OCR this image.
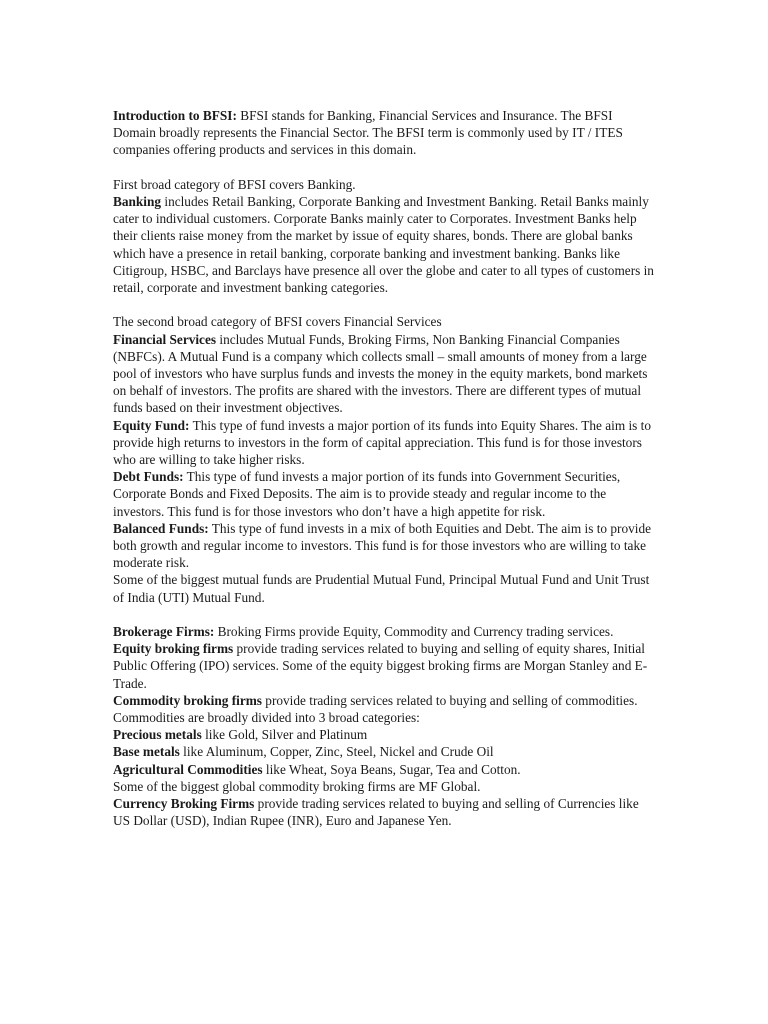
Introduction to BFSI: BFSI stands for Banking, Financial Services and Insurance. The BFSI Domain broadly represents the Financial Sector. The BFSI term is commonly used by IT / ITES companies offering products and services in this domain.

First broad category of BFSI covers Banking.

Banking includes Retail Banking, Corporate Banking and Investment Banking. Retail Banks mainly cater to individual customers. Corporate Banks mainly cater to Corporates. Investment Banks help their clients raise money from the market by issue of equity shares, bonds. There are global banks which have a presence in retail banking, corporate banking and investment banking. Banks like Citigroup, HSBC, and Barclays have presence all over the globe and cater to all types of customers in retail, corporate and investment banking categories.

The second broad category of BFSI covers Financial Services

Financial Services includes Mutual Funds, Broking Firms, Non Banking Financial Companies (NBFCs). A Mutual Fund is a company which collects small – small amounts of money from a large pool of investors who have surplus funds and invests the money in the equity markets, bond markets on behalf of investors. The profits are shared with the investors. There are different types of mutual funds based on their investment objectives.

Equity Fund: This type of fund invests a major portion of its funds into Equity Shares. The aim is to provide high returns to investors in the form of capital appreciation. This fund is for those investors who are willing to take higher risks.

Debt Funds: This type of fund invests a major portion of its funds into Government Securities, Corporate Bonds and Fixed Deposits. The aim is to provide steady and regular income to the investors. This fund is for those investors who don’t have a high appetite for risk.

Balanced Funds: This type of fund invests in a mix of both Equities and Debt. The aim is to provide both growth and regular income to investors. This fund is for those investors who are willing to take moderate risk.

Some of the biggest mutual funds are Prudential Mutual Fund, Principal Mutual Fund and Unit Trust of India (UTI) Mutual Fund.

Brokerage Firms: Broking Firms provide Equity, Commodity and Currency trading services.

Equity broking firms provide trading services related to buying and selling of equity shares, Initial Public Offering (IPO) services. Some of the equity biggest broking firms are Morgan Stanley and E-Trade.

Commodity broking firms provide trading services related to buying and selling of commodities. Commodities are broadly divided into 3 broad categories:

Precious metals like Gold, Silver and Platinum

Base metals like Aluminum, Copper, Zinc, Steel, Nickel and Crude Oil

Agricultural Commodities like Wheat, Soya Beans, Sugar, Tea and Cotton.

Some of the biggest global commodity broking firms are MF Global.

Currency Broking Firms provide trading services related to buying and selling of Currencies like US Dollar (USD), Indian Rupee (INR), Euro and Japanese Yen.
